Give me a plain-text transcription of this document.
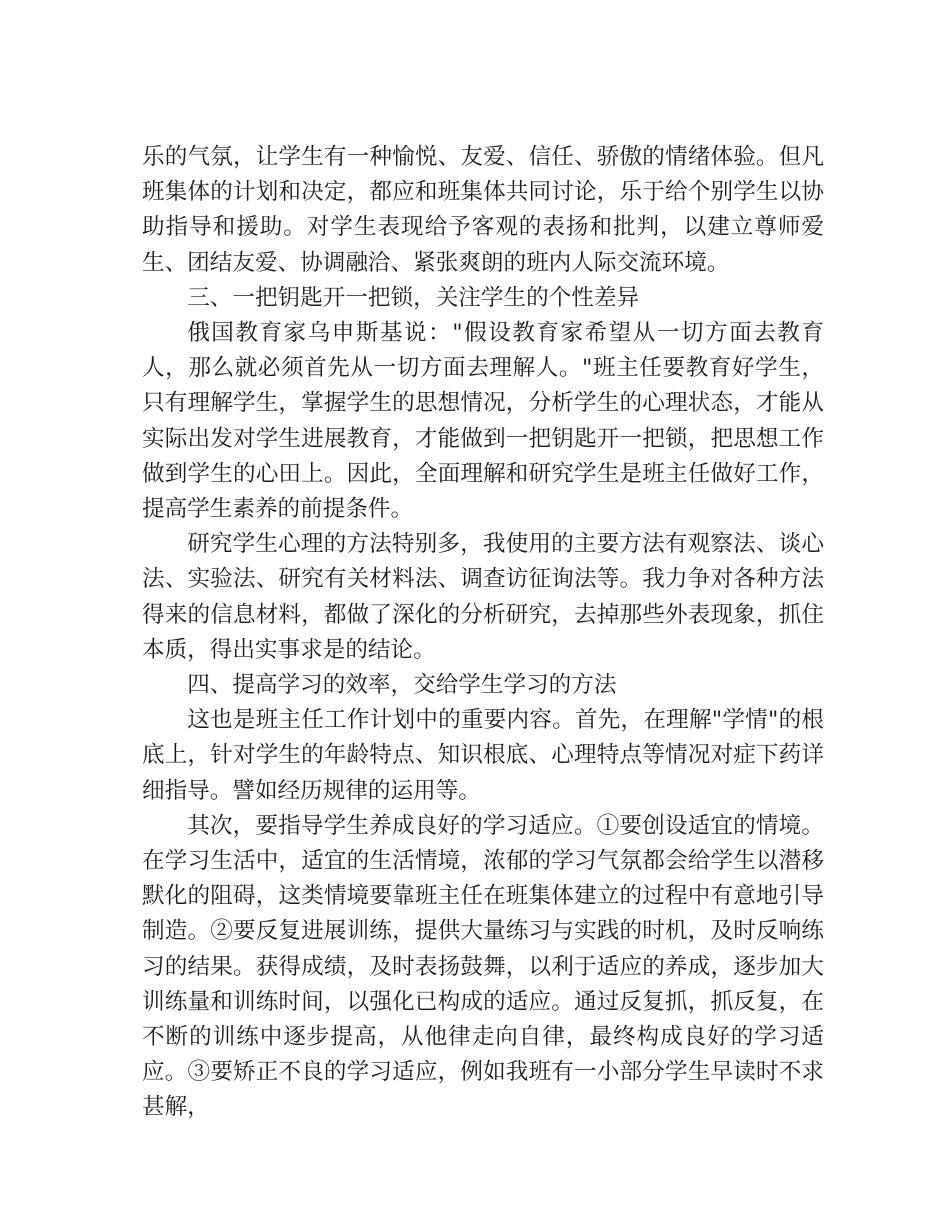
乐的气氛，让学生有一种愉悦、友爱、信任、骄傲的情绪体验。但凡班集体的计划和决定，都应和班集体共同讨论，乐于给个别学生以协助指导和援助。对学生表现给予客观的表扬和批判，以建立尊师爱生、团结友爱、协调融洽、紧张爽朗的班内人际交流环境。

三、一把钥匙开一把锁，关注学生的个性差异

俄国教育家乌申斯基说："假设教育家希望从一切方面去教育人，那么就必须首先从一切方面去理解人。"班主任要教育好学生，只有理解学生，掌握学生的思想情况，分析学生的心理状态，才能从实际出发对学生进展教育，才能做到一把钥匙开一把锁，把思想工作做到学生的心田上。因此，全面理解和研究学生是班主任做好工作，提高学生素养的前提条件。

研究学生心理的方法特别多，我使用的主要方法有观察法、谈心法、实验法、研究有关材料法、调查访征询法等。我力争对各种方法得来的信息材料，都做了深化的分析研究，去掉那些外表现象，抓住本质，得出实事求是的结论。

四、提高学习的效率，交给学生学习的方法

这也是班主任工作计划中的重要内容。首先，在理解"学情"的根底上，针对学生的年龄特点、知识根底、心理特点等情况对症下药详细指导。譬如经历规律的运用等。

其次，要指导学生养成良好的学习适应。①要创设适宜的情境。在学习生活中，适宜的生活情境，浓郁的学习气氛都会给学生以潜移默化的阻碍，这类情境要靠班主任在班集体建立的过程中有意地引导制造。②要反复进展训练，提供大量练习与实践的时机，及时反响练习的结果。获得成绩，及时表扬鼓舞，以利于适应的养成，逐步加大训练量和训练时间，以强化已构成的适应。通过反复抓，抓反复，在不断的训练中逐步提高，从他律走向自律，最终构成良好的学习适应。③要矫正不良的学习适应，例如我班有一小部分学生早读时不求甚解，
